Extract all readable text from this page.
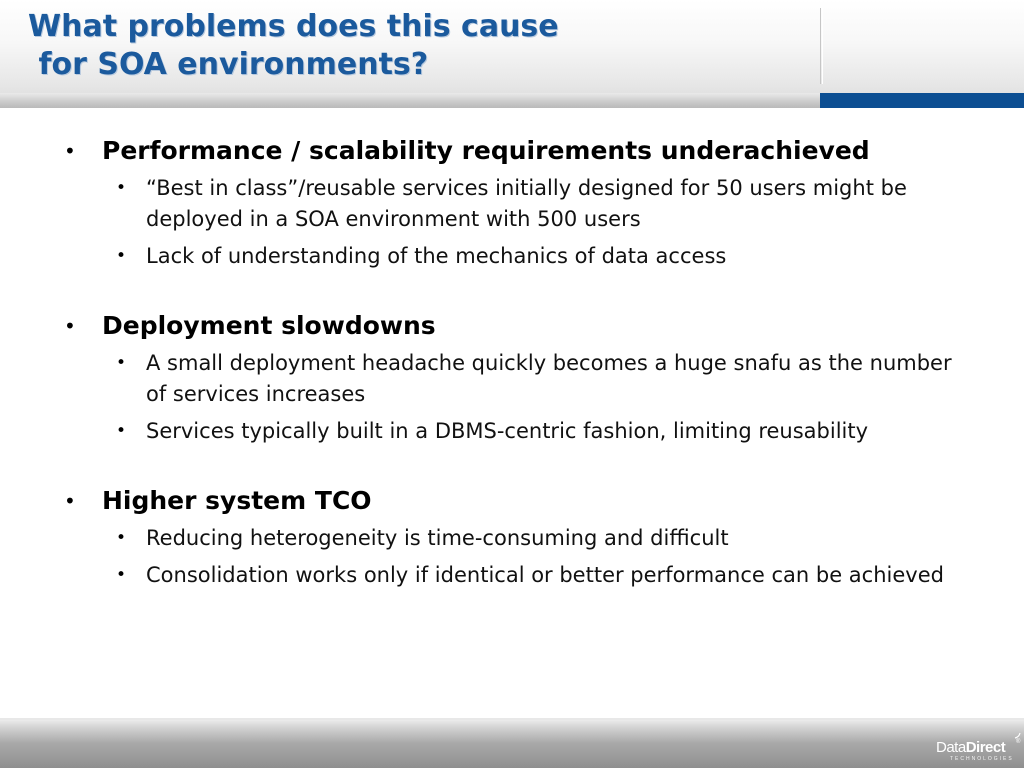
What problems does this cause
for SOA environments?
• Performance / scalability requirements underachieved
• “Best in class”/reusable services initially designed for 50 users might be deployed in a SOA environment with 500 users
• Lack of understanding of the mechanics of data access
• Deployment slowdowns
• A small deployment headache quickly becomes a huge snafu as the number of services increases
• Services typically built in a DBMS-centric fashion, limiting reusability
• Higher system TCO
• Reducing heterogeneity is time-consuming and difficult
• Consolidation works only if identical or better performance can be achieved
DataDirect ®
TECHNOLOGIES
